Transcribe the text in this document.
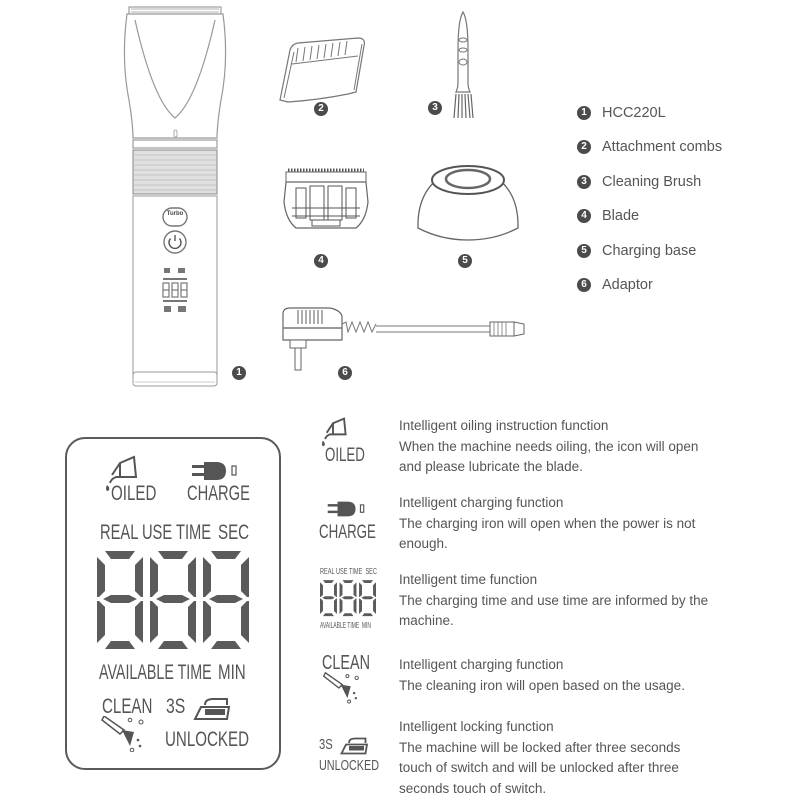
Turbo
1
2	3
4	5
6
1 HCC220L
2 Attachment combs
3 Cleaning Brush
4 Blade
5 Charging base
6 Adaptor
OILED CHARGE
REAL USE TIME SEC
AVAILABLE TIME MIN
CLEAN 3S
UNLOCKED
OILED
CHARGE
REAL USE TIME SEC
AVAILABLE TIME MIN
CLEAN
3S
UNLOCKED
Intelligent oiling instruction function
When the machine needs oiling, the icon will open
and please lubricate the blade.
Intelligent charging function
The charging iron will open when the power is not
enough.
Intelligent time function
The charging time and use time are informed by the
machine.
Intelligent charging function
The cleaning iron will open based on the usage.
Intelligent locking function
The machine will be locked after three seconds
touch of switch and will be unlocked after three
seconds touch of switch.
